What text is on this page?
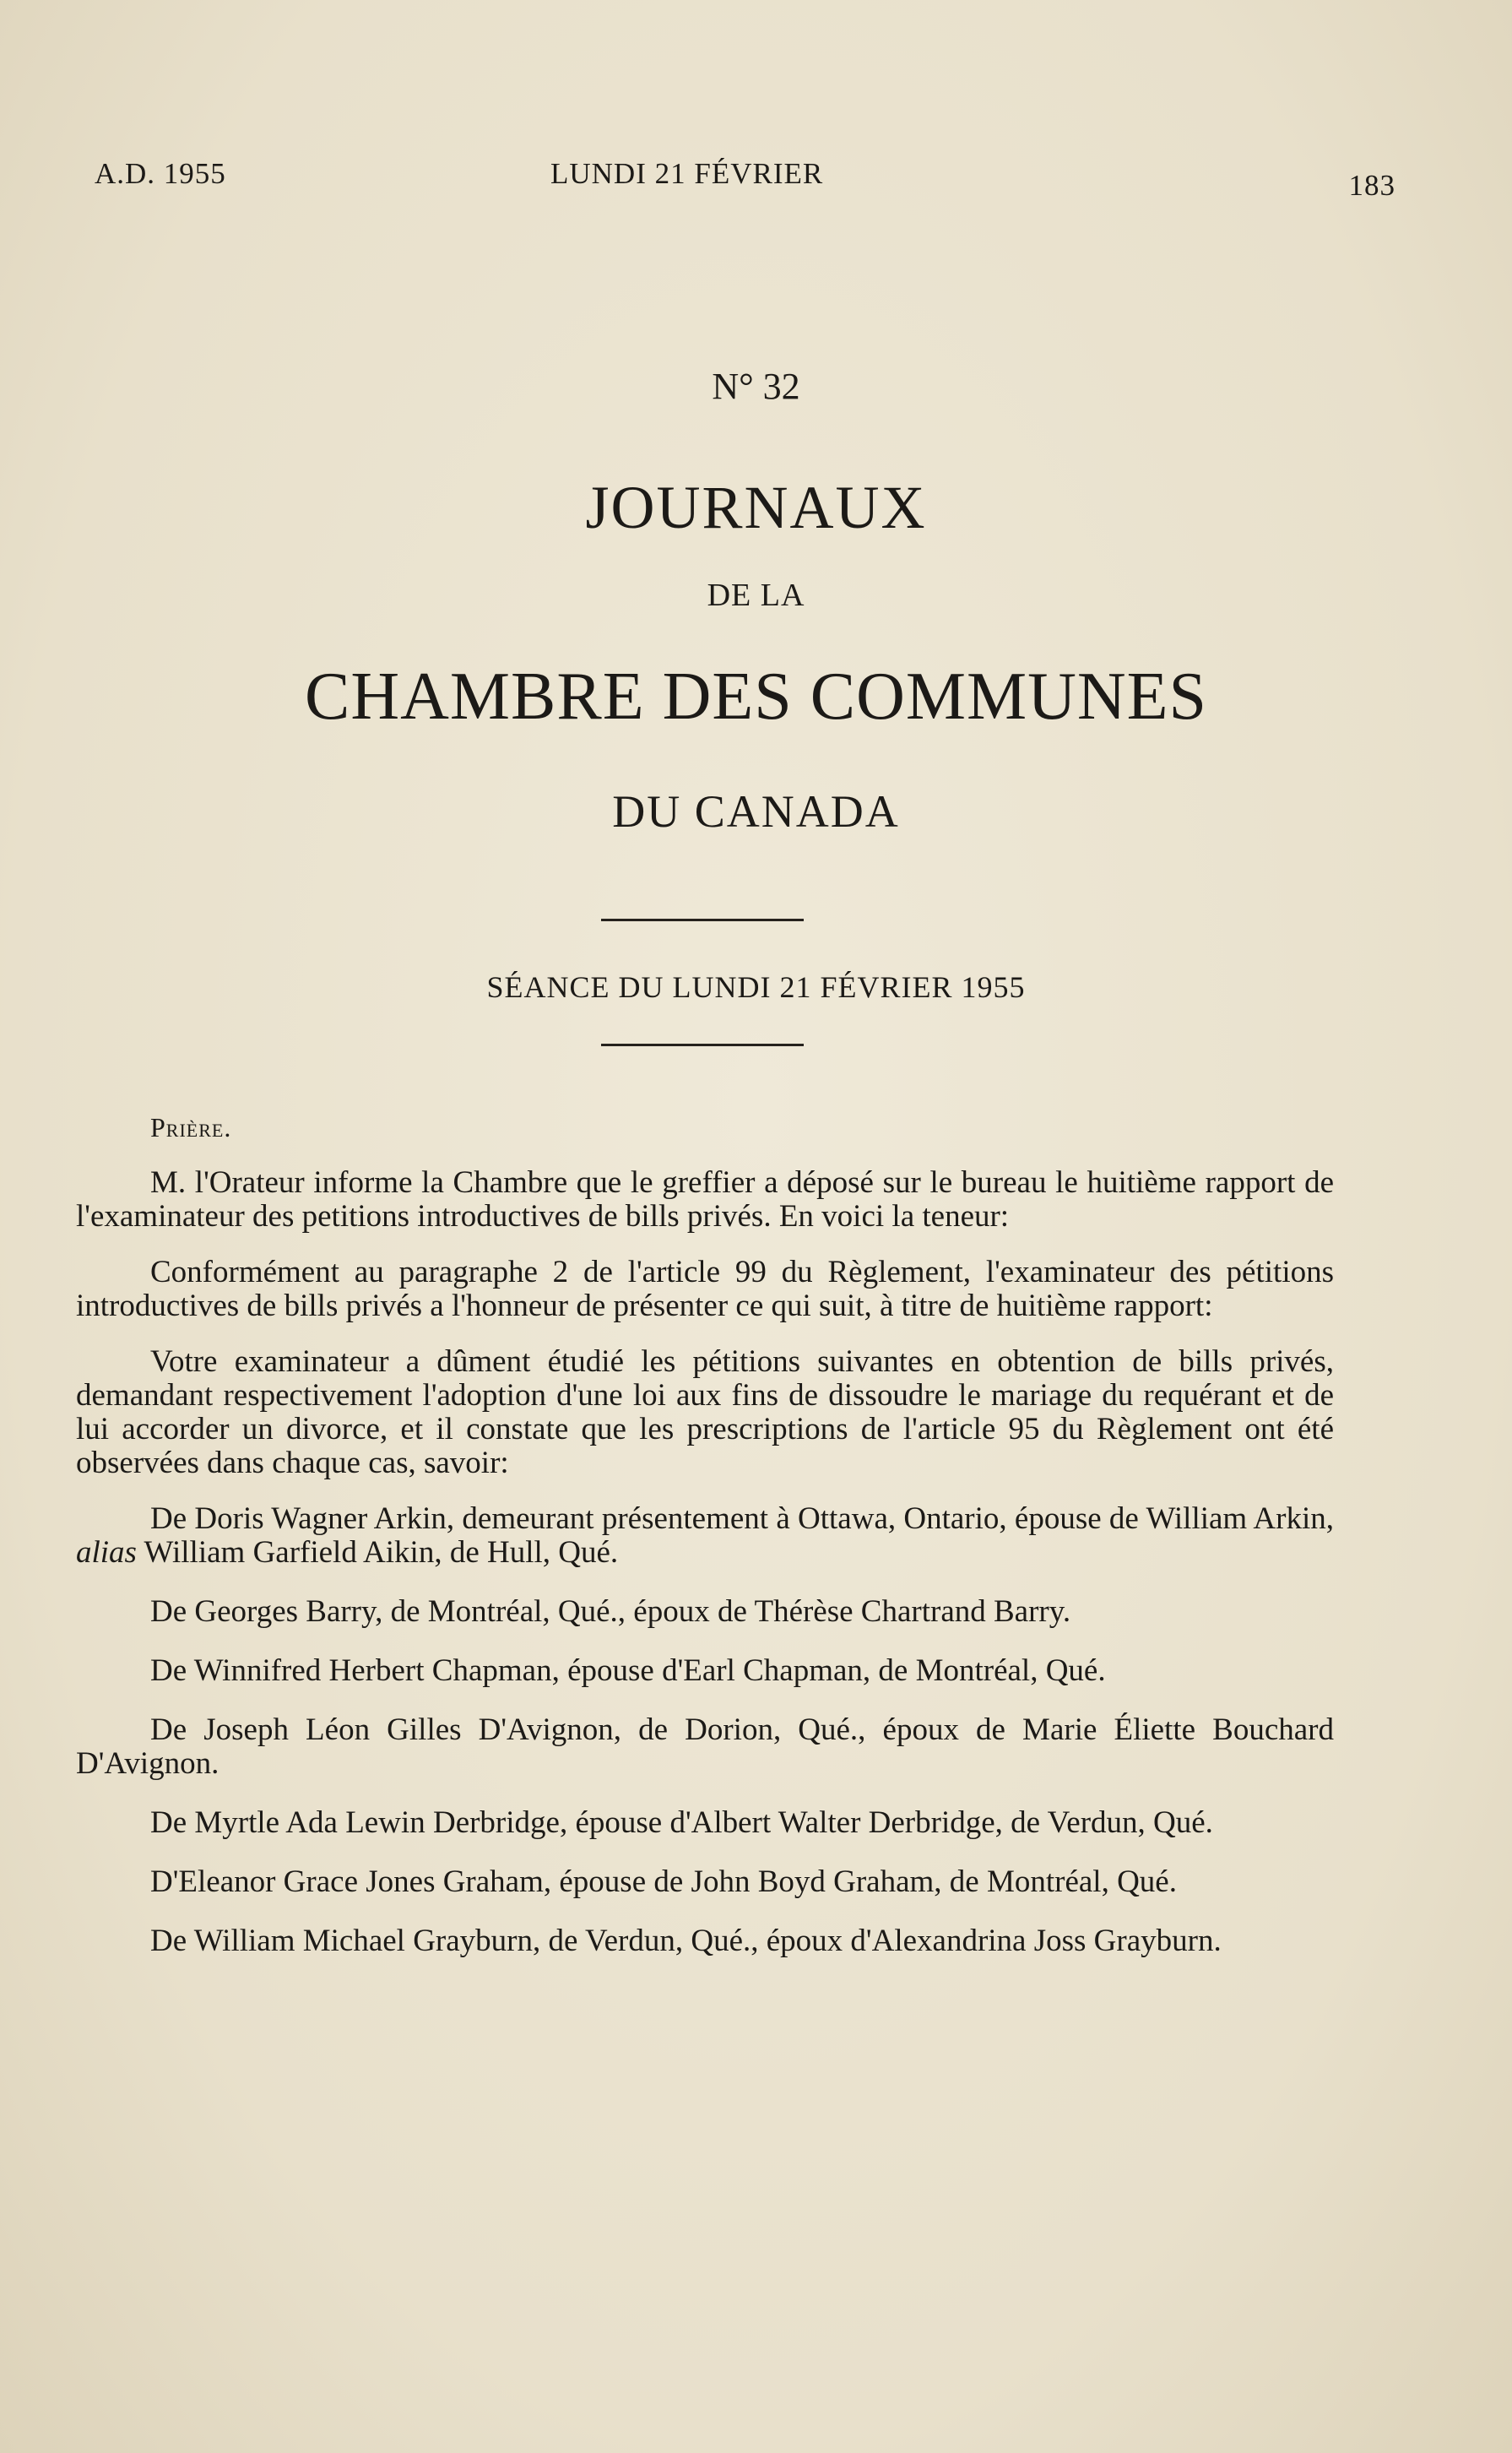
A.D. 1955	LUNDI 21 FÉVRIER	183
N° 32
JOURNAUX
DE LA
CHAMBRE DES COMMUNES
DU CANADA
SÉANCE DU LUNDI 21 FÉVRIER 1955

Prière.

M. l'Orateur informe la Chambre que le greffier a déposé sur le bureau le huitième rapport de l'examinateur des petitions introductives de bills privés. En voici la teneur:

Conformément au paragraphe 2 de l'article 99 du Règlement, l'examinateur des pétitions introductives de bills privés a l'honneur de présenter ce qui suit, à titre de huitième rapport:

Votre examinateur a dûment étudié les pétitions suivantes en obtention de bills privés, demandant respectivement l'adoption d'une loi aux fins de dissoudre le mariage du requérant et de lui accorder un divorce, et il constate que les prescriptions de l'article 95 du Règlement ont été observées dans chaque cas, savoir:

De Doris Wagner Arkin, demeurant présentement à Ottawa, Ontario, épouse de William Arkin, alias William Garfield Aikin, de Hull, Qué.

De Georges Barry, de Montréal, Qué., époux de Thérèse Chartrand Barry.

De Winnifred Herbert Chapman, épouse d'Earl Chapman, de Montréal, Qué.

De Joseph Léon Gilles D'Avignon, de Dorion, Qué., époux de Marie Éliette Bouchard D'Avignon.

De Myrtle Ada Lewin Derbridge, épouse d'Albert Walter Derbridge, de Verdun, Qué.

D'Eleanor Grace Jones Graham, épouse de John Boyd Graham, de Montréal, Qué.

De William Michael Grayburn, de Verdun, Qué., époux d'Alexandrina Joss Grayburn.
